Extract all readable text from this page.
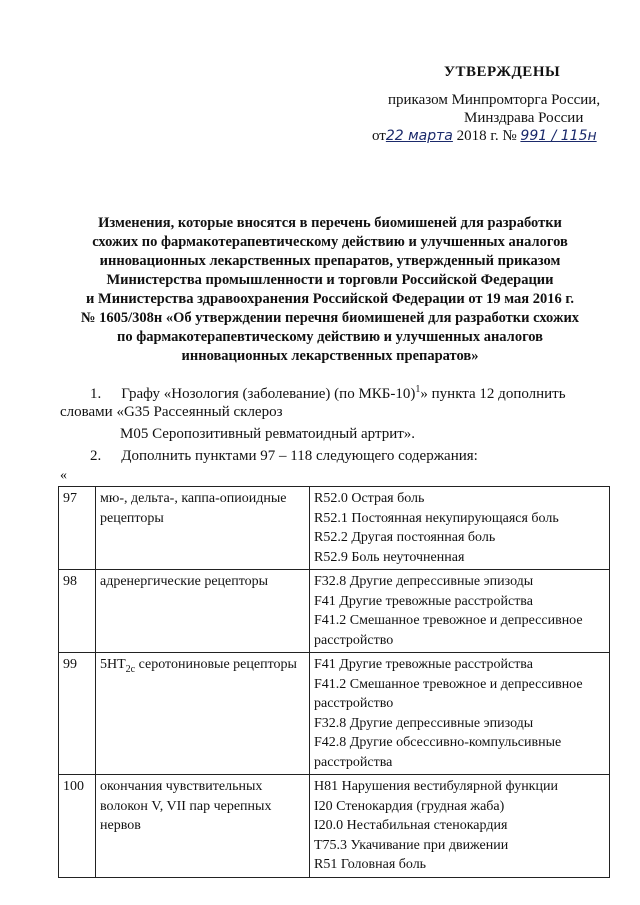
УТВЕРЖДЕНЫ
приказом Минпромторга России,
Минздрава России
от22 марта 2018 г. № 991 / 115н
Изменения, которые вносятся в перечень биомишеней для разработки
схожих по фармакотерапевтическому действию и улучшенных аналогов
инновационных лекарственных препаратов, утвержденный приказом
Министерства промышленности и торговли Российской Федерации
и Министерства здравоохранения Российской Федерации от 19 мая 2016 г.
№ 1605/308н «Об утверждении перечня биомишеней для разработки схожих
по фармакотерапевтическому действию и улучшенных аналогов
инновационных лекарственных препаратов»
1. Графу «Нозология (заболевание) (по МКБ-10)$^1$» пункта 12 дополнить
словами «G35 Рассеянный склероз
M05 Серопозитивный ревматоидный артрит».
2. Дополнить пунктами 97 – 118 следующего содержания:
«
97	мю-, дельта-, каппа-опиоидные рецепторы	R52.0 Острая боль
R52.1 Постоянная некупирующаяся боль
R52.2 Другая постоянная боль
R52.9 Боль неуточненная

98	адренергические рецепторы	F32.8 Другие депрессивные эпизоды
F41 Другие тревожные расстройства
F41.2 Смешанное тревожное и депрессивное расстройство

99	$5HT_{2c}$ серотониновые рецепторы	F41 Другие тревожные расстройства
F41.2 Смешанное тревожное и депрессивное расстройство
F32.8 Другие депрессивные эпизоды
F42.8 Другие обсессивно-компульсивные расстройства

100	окончания чувствительных волокон V, VII пар черепных нервов	H81 Нарушения вестибулярной функции
I20 Стенокардия (грудная жаба)
I20.0 Нестабильная стенокардия
T75.3 Укачивание при движении
R51 Головная боль
